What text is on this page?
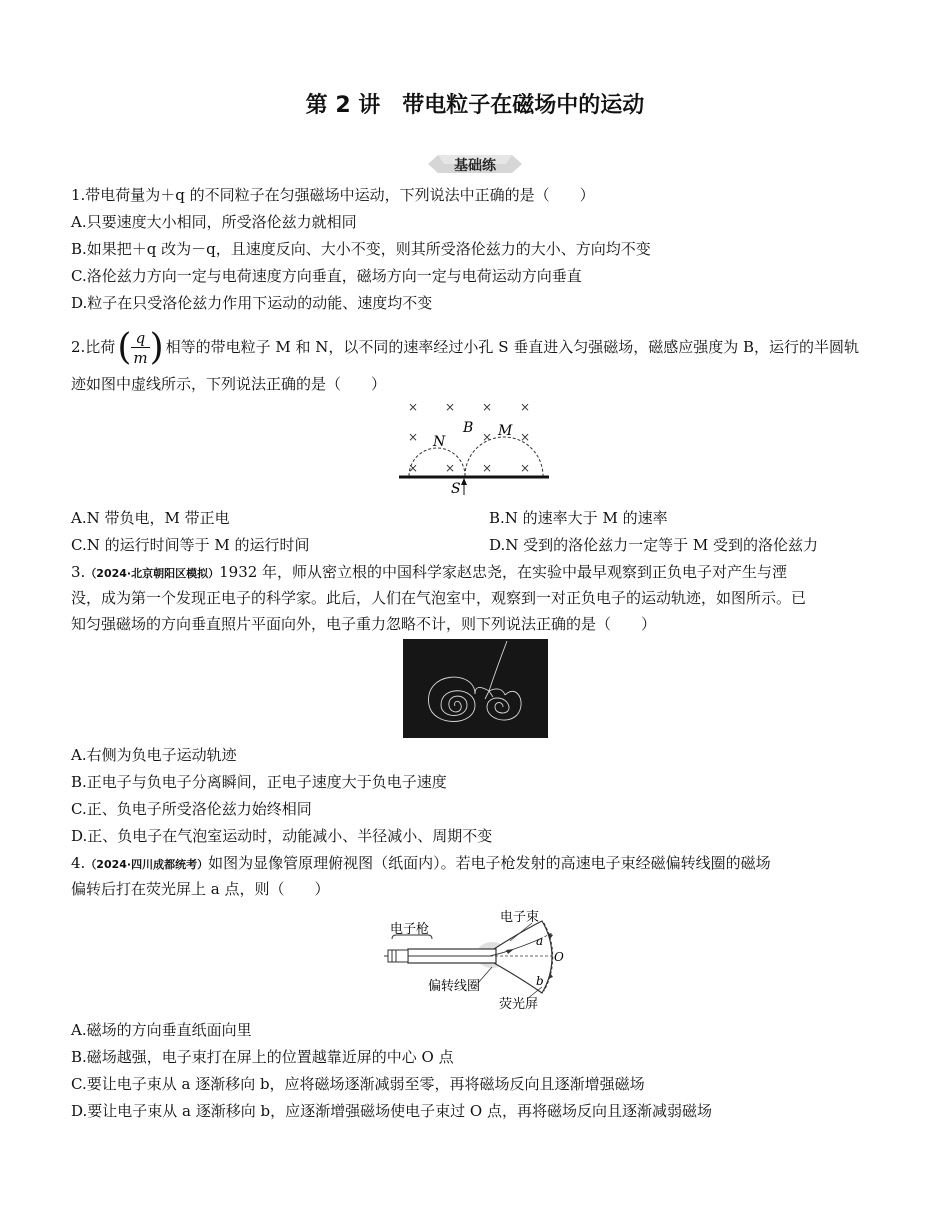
第 2 讲　带电粒子在磁场中的运动
基础练
1.带电荷量为＋q 的不同粒子在匀强磁场中运动，下列说法中正确的是（　　）
A.只要速度大小相同，所受洛伦兹力就相同
B.如果把＋q 改为－q，且速度反向、大小不变，则其所受洛伦兹力的大小、方向均不变
C.洛伦兹力方向一定与电荷速度方向垂直，磁场方向一定与电荷运动方向垂直
D.粒子在只受洛伦兹力作用下运动的动能、速度均不变
2.比荷( $\frac{q}{m}$ ) 相等的带电粒子 M 和 N，以不同的速率经过小孔 S 垂直进入匀强磁场，磁感应强度为 B，运行的半圆轨
迹如图中虚线所示，下列说法正确的是（　　）
× × × ×
×	× ×
× × × ×
N
B M
S
A.N 带负电，M 带正电	B.N 的速率大于 M 的速率
C.N 的运行时间等于 M 的运行时间	D.N 受到的洛伦兹力一定等于 M 受到的洛伦兹力
3.（2024·北京朝阳区模拟）1932 年，师从密立根的中国科学家赵忠尧，在实验中最早观察到正负电子对产生与湮
没，成为第一个发现正电子的科学家。此后，人们在气泡室中，观察到一对正负电子的运动轨迹，如图所示。已
知匀强磁场的方向垂直照片平面向外，电子重力忽略不计，则下列说法正确的是（　　）
A.右侧为负电子运动轨迹
B.正电子与负电子分离瞬间，正电子速度大于负电子速度
C.正、负电子所受洛伦兹力始终相同
D.正、负电子在气泡室运动时，动能减小、半径减小、周期不变
4.（2024·四川成都统考）如图为显像管原理俯视图（纸面内）。若电子枪发射的高速电子束经磁偏转线圈的磁场
偏转后打在荧光屏上 a 点，则（　　）
电子枪
电子束
偏转线圈
荧光屏
a
O
b
A.磁场的方向垂直纸面向里
B.磁场越强，电子束打在屏上的位置越靠近屏的中心 O 点
C.要让电子束从 a 逐渐移向 b，应将磁场逐渐减弱至零，再将磁场反向且逐渐增强磁场
D.要让电子束从 a 逐渐移向 b，应逐渐增强磁场使电子束过 O 点，再将磁场反向且逐渐减弱磁场
